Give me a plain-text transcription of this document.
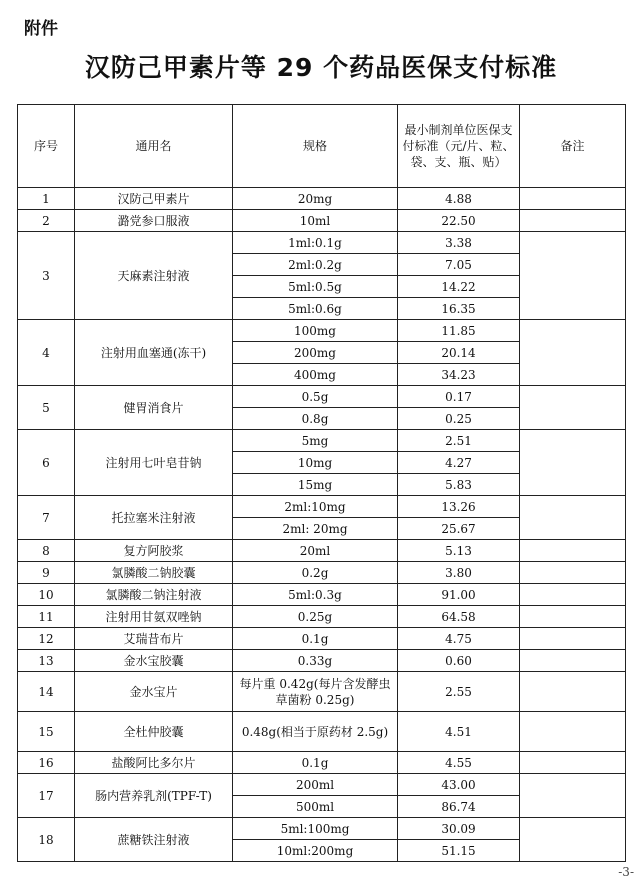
附件
汉防己甲素片等 29 个药品医保支付标准
序号	通用名	规格	最小制剂单位医保支付标准（元/片、粒、袋、支、瓶、贴）	备注
1	汉防己甲素片	20mg	4.88	
2	潞党参口服液	10ml	22.50	
3	天麻素注射液	1ml:0.1g	3.38	
		2ml:0.2g	7.05	
		5ml:0.5g	14.22	
		5ml:0.6g	16.35	
4	注射用血塞通(冻干)	100mg	11.85	
		200mg	20.14	
		400mg	34.23	
5	健胃消食片	0.5g	0.17	
		0.8g	0.25	
6	注射用七叶皂苷钠	5mg	2.51	
		10mg	4.27	
		15mg	5.83	
7	托拉塞米注射液	2ml:10mg	13.26	
		2ml: 20mg	25.67	
8	复方阿胶浆	20ml	5.13	
9	氯膦酸二钠胶囊	0.2g	3.80	
10	氯膦酸二钠注射液	5ml:0.3g	91.00	
11	注射用甘氨双唑钠	0.25g	64.58	
12	艾瑞昔布片	0.1g	4.75	
13	金水宝胶囊	0.33g	0.60	
14	金水宝片	每片重 0.42g(每片含发酵虫草菌粉 0.25g)	2.55	
15	全杜仲胶囊	0.48g(相当于原药材 2.5g)	4.51	
16	盐酸阿比多尔片	0.1g	4.55	
17	肠内营养乳剂(TPF-T)	200ml	43.00	
		500ml	86.74	
18	蔗糖铁注射液	5ml:100mg	30.09	
		10ml:200mg	51.15	
-3-
